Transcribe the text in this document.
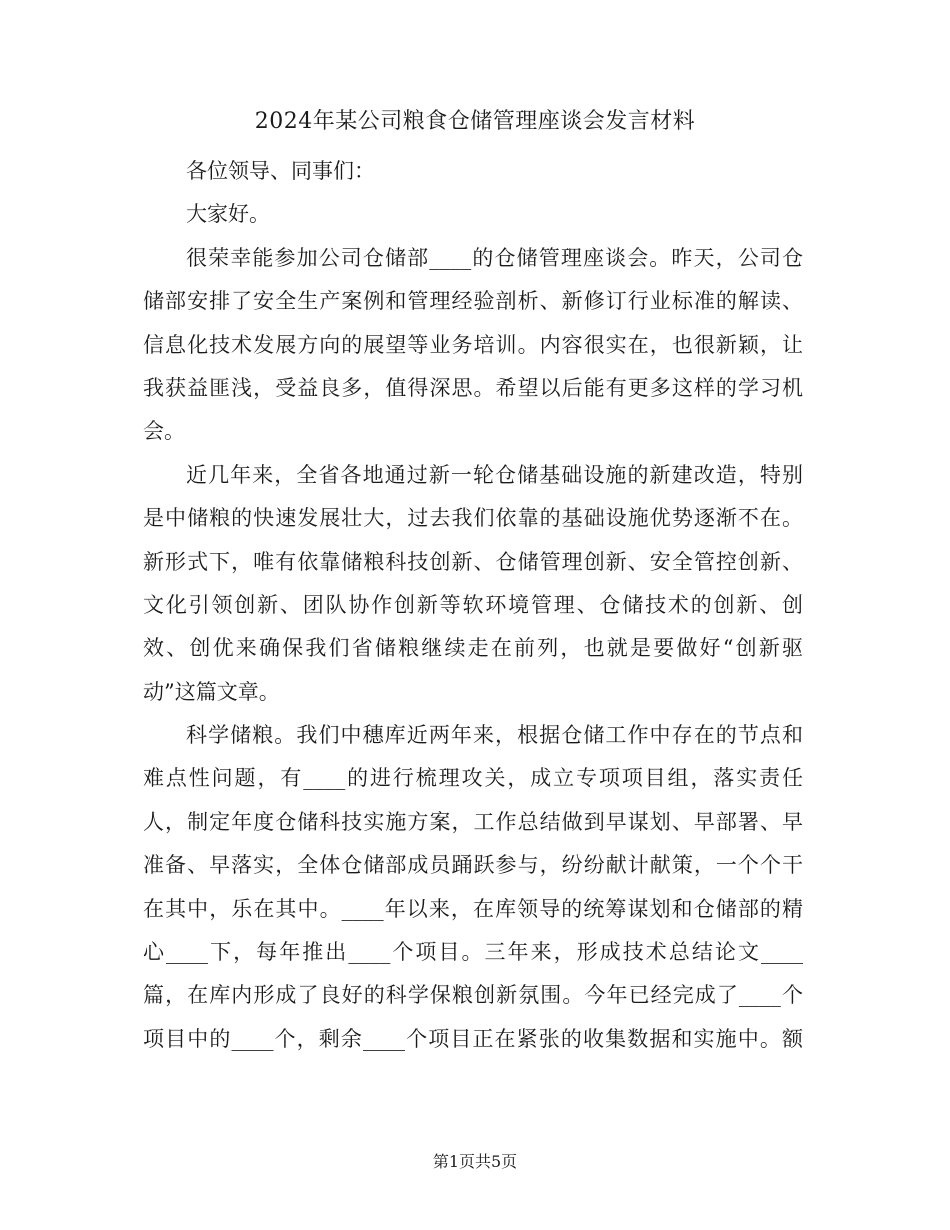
2024年某公司粮食仓储管理座谈会发言材料
各位领导、同事们：
大家好。
很荣幸能参加公司仓储部____的仓储管理座谈会。昨天，公司仓
储部安排了安全生产案例和管理经验剖析、新修订行业标准的解读、
信息化技术发展方向的展望等业务培训。内容很实在，也很新颖，让
我获益匪浅，受益良多，值得深思。希望以后能有更多这样的学习机
会。
近几年来，全省各地通过新一轮仓储基础设施的新建改造，特别
是中储粮的快速发展壮大，过去我们依靠的基础设施优势逐渐不在。
新形式下，唯有依靠储粮科技创新、仓储管理创新、安全管控创新、
文化引领创新、团队协作创新等软环境管理、仓储技术的创新、创
效、创优来确保我们省储粮继续走在前列，也就是要做好“创新驱
动”这篇文章。
科学储粮。我们中穗库近两年来，根据仓储工作中存在的节点和
难点性问题，有____的进行梳理攻关，成立专项项目组，落实责任
人，制定年度仓储科技实施方案，工作总结做到早谋划、早部署、早
准备、早落实，全体仓储部成员踊跃参与，纷纷献计献策，一个个干
在其中，乐在其中。____年以来，在库领导的统筹谋划和仓储部的精
心____下，每年推出____个项目。三年来，形成技术总结论文____
篇，在库内形成了良好的科学保粮创新氛围。今年已经完成了____个
项目中的____个，剩余____个项目正在紧张的收集数据和实施中。额
第1页共5页
